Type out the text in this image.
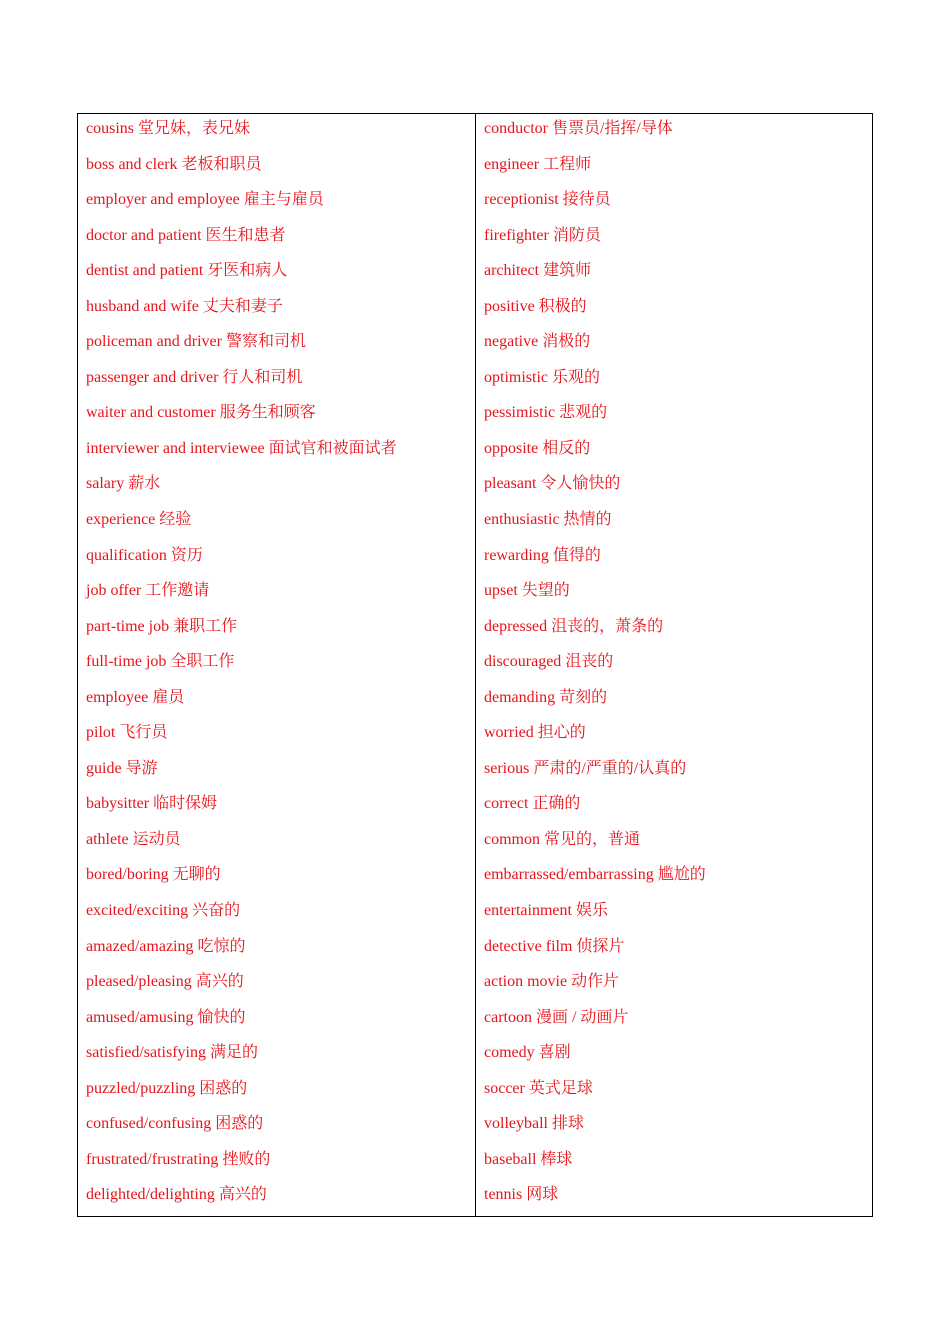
cousins 堂兄妹，表兄妹
boss and clerk 老板和职员
employer and employee 雇主与雇员
doctor and patient 医生和患者
dentist and patient 牙医和病人
husband and wife 丈夫和妻子
policeman and driver 警察和司机
passenger and driver 行人和司机
waiter and customer 服务生和顾客
interviewer and interviewee 面试官和被面试者
salary 薪水
experience 经验
qualification 资历
job offer 工作邀请
part-time job 兼职工作
full-time job 全职工作
employee 雇员
pilot 飞行员
guide 导游
babysitter 临时保姆
athlete 运动员
bored/boring 无聊的
excited/exciting 兴奋的
amazed/amazing 吃惊的
pleased/pleasing 高兴的
amused/amusing 愉快的
satisfied/satisfying 满足的
puzzled/puzzling 困惑的
confused/confusing 困惑的
frustrated/frustrating 挫败的
delighted/delighting 高兴的
conductor 售票员/指挥/导体
engineer 工程师
receptionist 接待员
firefighter 消防员
architect 建筑师
positive 积极的
negative 消极的
optimistic 乐观的
pessimistic 悲观的
opposite 相反的
pleasant 令人愉快的
enthusiastic 热情的
rewarding 值得的
upset 失望的
depressed 沮丧的，萧条的
discouraged 沮丧的
demanding 苛刻的
worried 担心的
serious 严肃的/严重的/认真的
correct 正确的
common 常见的，普通
embarrassed/embarrassing 尴尬的
entertainment 娱乐
detective film 侦探片
action movie 动作片
cartoon 漫画 / 动画片
comedy 喜剧
soccer 英式足球
volleyball 排球
baseball 棒球
tennis 网球
